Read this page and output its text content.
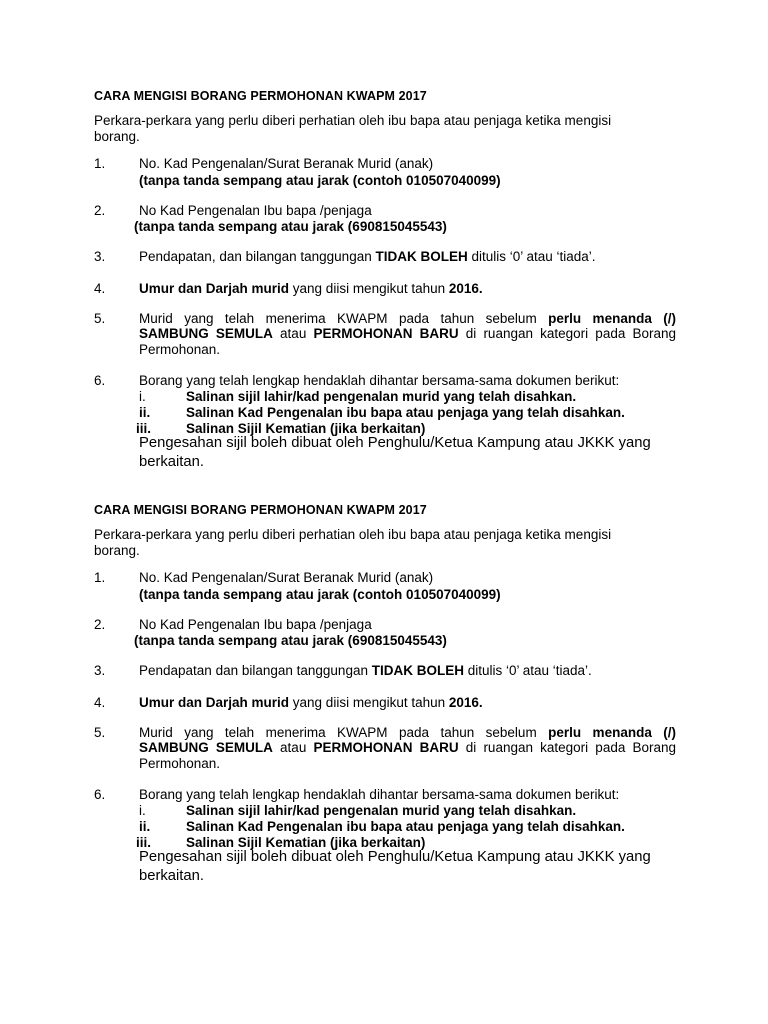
CARA MENGISI BORANG PERMOHONAN KWAPM 2017
Perkara-perkara yang perlu diberi perhatian oleh ibu bapa atau penjaga ketika mengisi
borang.
1. No. Kad Pengenalan/Surat Beranak Murid (anak)
(tanpa tanda sempang atau jarak (contoh 010507040099)
2. No Kad Pengenalan Ibu bapa /penjaga
(tanpa tanda sempang atau jarak (690815045543)
3. Pendapatan, dan bilangan tanggungan TIDAK BOLEH ditulis ‘0’ atau ‘tiada’.
4. Umur dan Darjah murid yang diisi mengikut tahun 2016.
5. Murid yang telah menerima KWAPM pada tahun sebelum perlu menanda (/)
SAMBUNG SEMULA atau PERMOHONAN BARU di ruangan kategori pada Borang
Permohonan.
6. Borang yang telah lengkap hendaklah dihantar bersama-sama dokumen berikut:
i.	Salinan sijil lahir/kad pengenalan murid yang telah disahkan.
ii.	Salinan Kad Pengenalan ibu bapa atau penjaga yang telah disahkan.
iii.	Salinan Sijil Kematian (jika berkaitan)
Pengesahan sijil boleh dibuat oleh Penghulu/Ketua Kampung atau JKKK yang
berkaitan.
CARA MENGISI BORANG PERMOHONAN KWAPM 2017
Perkara-perkara yang perlu diberi perhatian oleh ibu bapa atau penjaga ketika mengisi
borang.
1. No. Kad Pengenalan/Surat Beranak Murid (anak)
(tanpa tanda sempang atau jarak (contoh 010507040099)
2. No Kad Pengenalan Ibu bapa /penjaga
(tanpa tanda sempang atau jarak (690815045543)
3. Pendapatan dan bilangan tanggungan TIDAK BOLEH ditulis ‘0’ atau ‘tiada’.
4. Umur dan Darjah murid yang diisi mengikut tahun 2016.
5. Murid yang telah menerima KWAPM pada tahun sebelum perlu menanda (/)
SAMBUNG SEMULA atau PERMOHONAN BARU di ruangan kategori pada Borang
Permohonan.
6. Borang yang telah lengkap hendaklah dihantar bersama-sama dokumen berikut:
i.	Salinan sijil lahir/kad pengenalan murid yang telah disahkan.
ii.	Salinan Kad Pengenalan ibu bapa atau penjaga yang telah disahkan.
iii.	Salinan Sijil Kematian (jika berkaitan)
Pengesahan sijil boleh dibuat oleh Penghulu/Ketua Kampung atau JKKK yang
berkaitan.
